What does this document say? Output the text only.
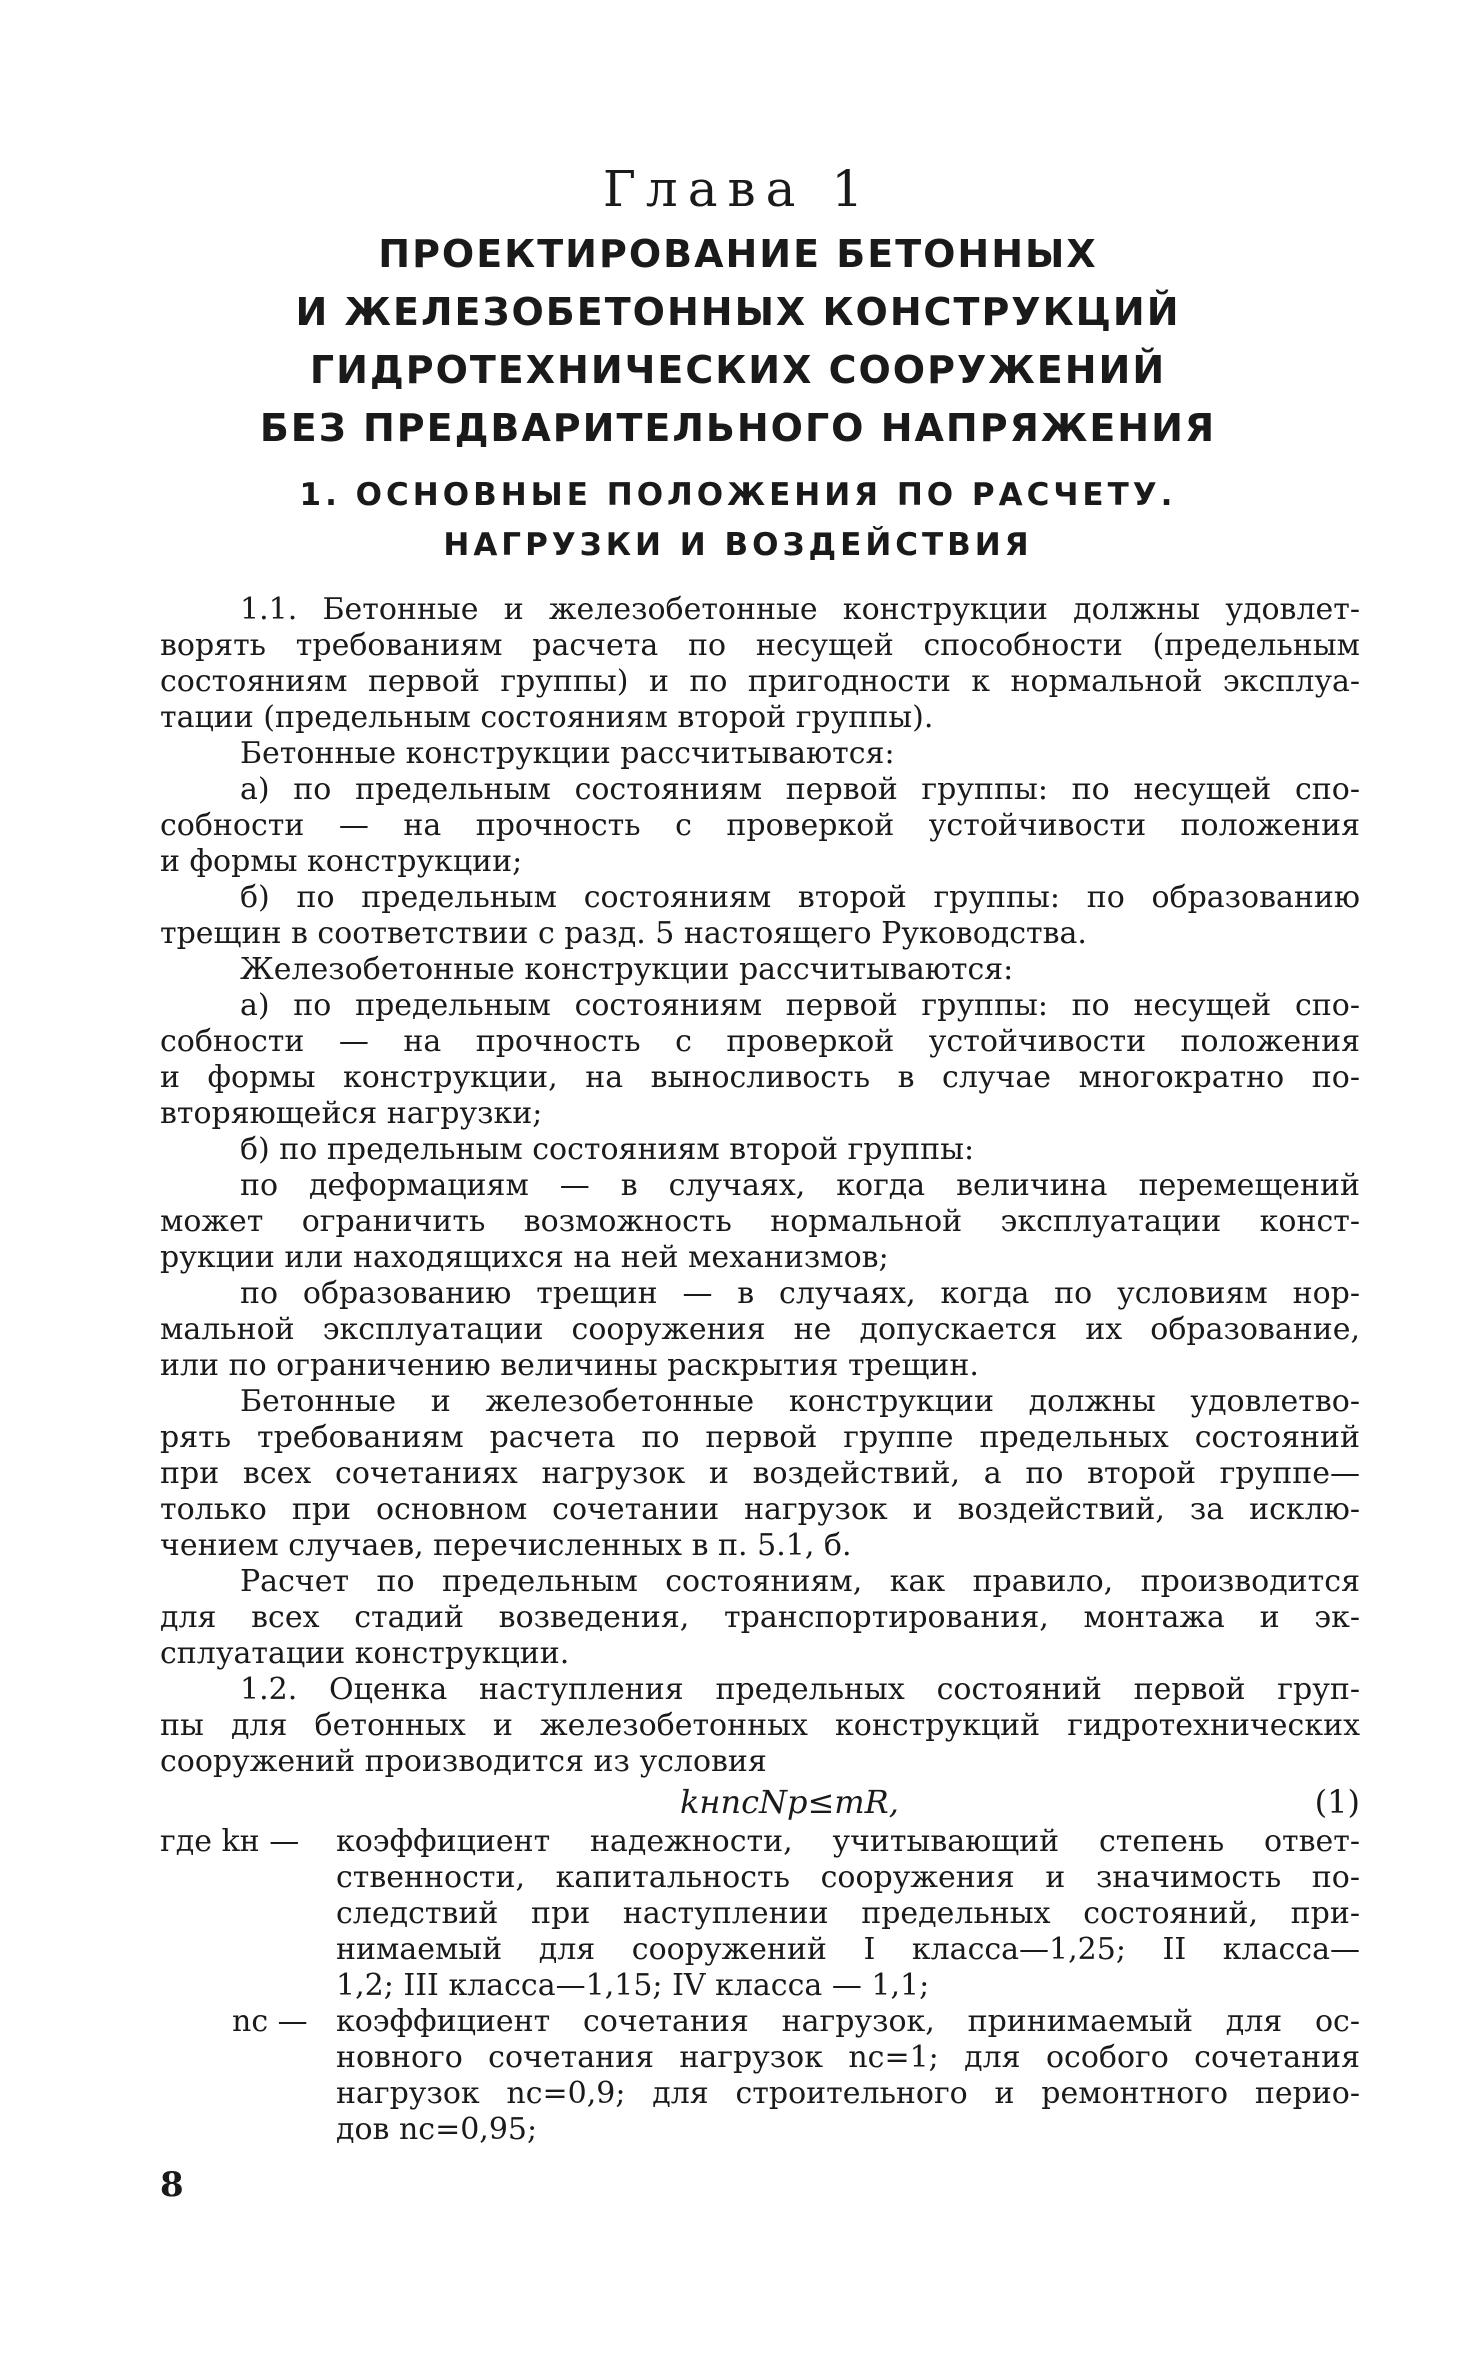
Глава 1
ПРОЕКТИРОВАНИЕ БЕТОННЫХ
И ЖЕЛЕЗОБЕТОННЫХ КОНСТРУКЦИЙ
ГИДРОТЕХНИЧЕСКИХ СООРУЖЕНИЙ
БЕЗ ПРЕДВАРИТЕЛЬНОГО НАПРЯЖЕНИЯ
1. ОСНОВНЫЕ ПОЛОЖЕНИЯ ПО РАСЧЕТУ.
НАГРУЗКИ И ВОЗДЕЙСТВИЯ
1.1. Бетонные и железобетонные конструкции должны удовлет-
ворять требованиям расчета по несущей способности (предельным
состояниям первой группы) и по пригодности к нормальной эксплуа-
тации (предельным состояниям второй группы).
Бетонные конструкции рассчитываются:
а) по предельным состояниям первой группы: по несущей спо-
собности — на прочность с проверкой устойчивости положения
и формы конструкции;
б) по предельным состояниям второй группы: по образованию
трещин в соответствии с разд. 5 настоящего Руководства.
Железобетонные конструкции рассчитываются:
а) по предельным состояниям первой группы: по несущей спо-
собности — на прочность с проверкой устойчивости положения
и формы конструкции, на выносливость в случае многократно по-
вторяющейся нагрузки;
б) по предельным состояниям второй группы:
по деформациям — в случаях, когда величина перемещений
может ограничить возможность нормальной эксплуатации конст-
рукции или находящихся на ней механизмов;
по образованию трещин — в случаях, когда по условиям нор-
мальной эксплуатации сооружения не допускается их образование,
или по ограничению величины раскрытия трещин.
Бетонные и железобетонные конструкции должны удовлетво-
рять требованиям расчета по первой группе предельных состояний
при всех сочетаниях нагрузок и воздействий, а по второй группе—
только при основном сочетании нагрузок и воздействий, за исклю-
чением случаев, перечисленных в п. 5.1, б.
Расчет по предельным состояниям, как правило, производится
для всех стадий возведения, транспортирования, монтажа и эк-
сплуатации конструкции.
1.2. Оценка наступления предельных состояний первой груп-
пы для бетонных и железобетонных конструкций гидротехнических
сооружений производится из условия
kнnсNр≤mR,	(1)
где kн —	коэффициент надежности, учитывающий степень ответ-
ственности, капитальность сооружения и значимость по-
следствий при наступлении предельных состояний, при-
нимаемый для сооружений I класса—1,25; II класса—
1,2; III класса—1,15; IV класса — 1,1;
nс — коэффициент сочетания нагрузок, принимаемый для ос-
новного сочетания нагрузок nс=1; для особого сочетания
нагрузок nс=0,9; для строительного и ремонтного перио-
дов nс=0,95;
8
